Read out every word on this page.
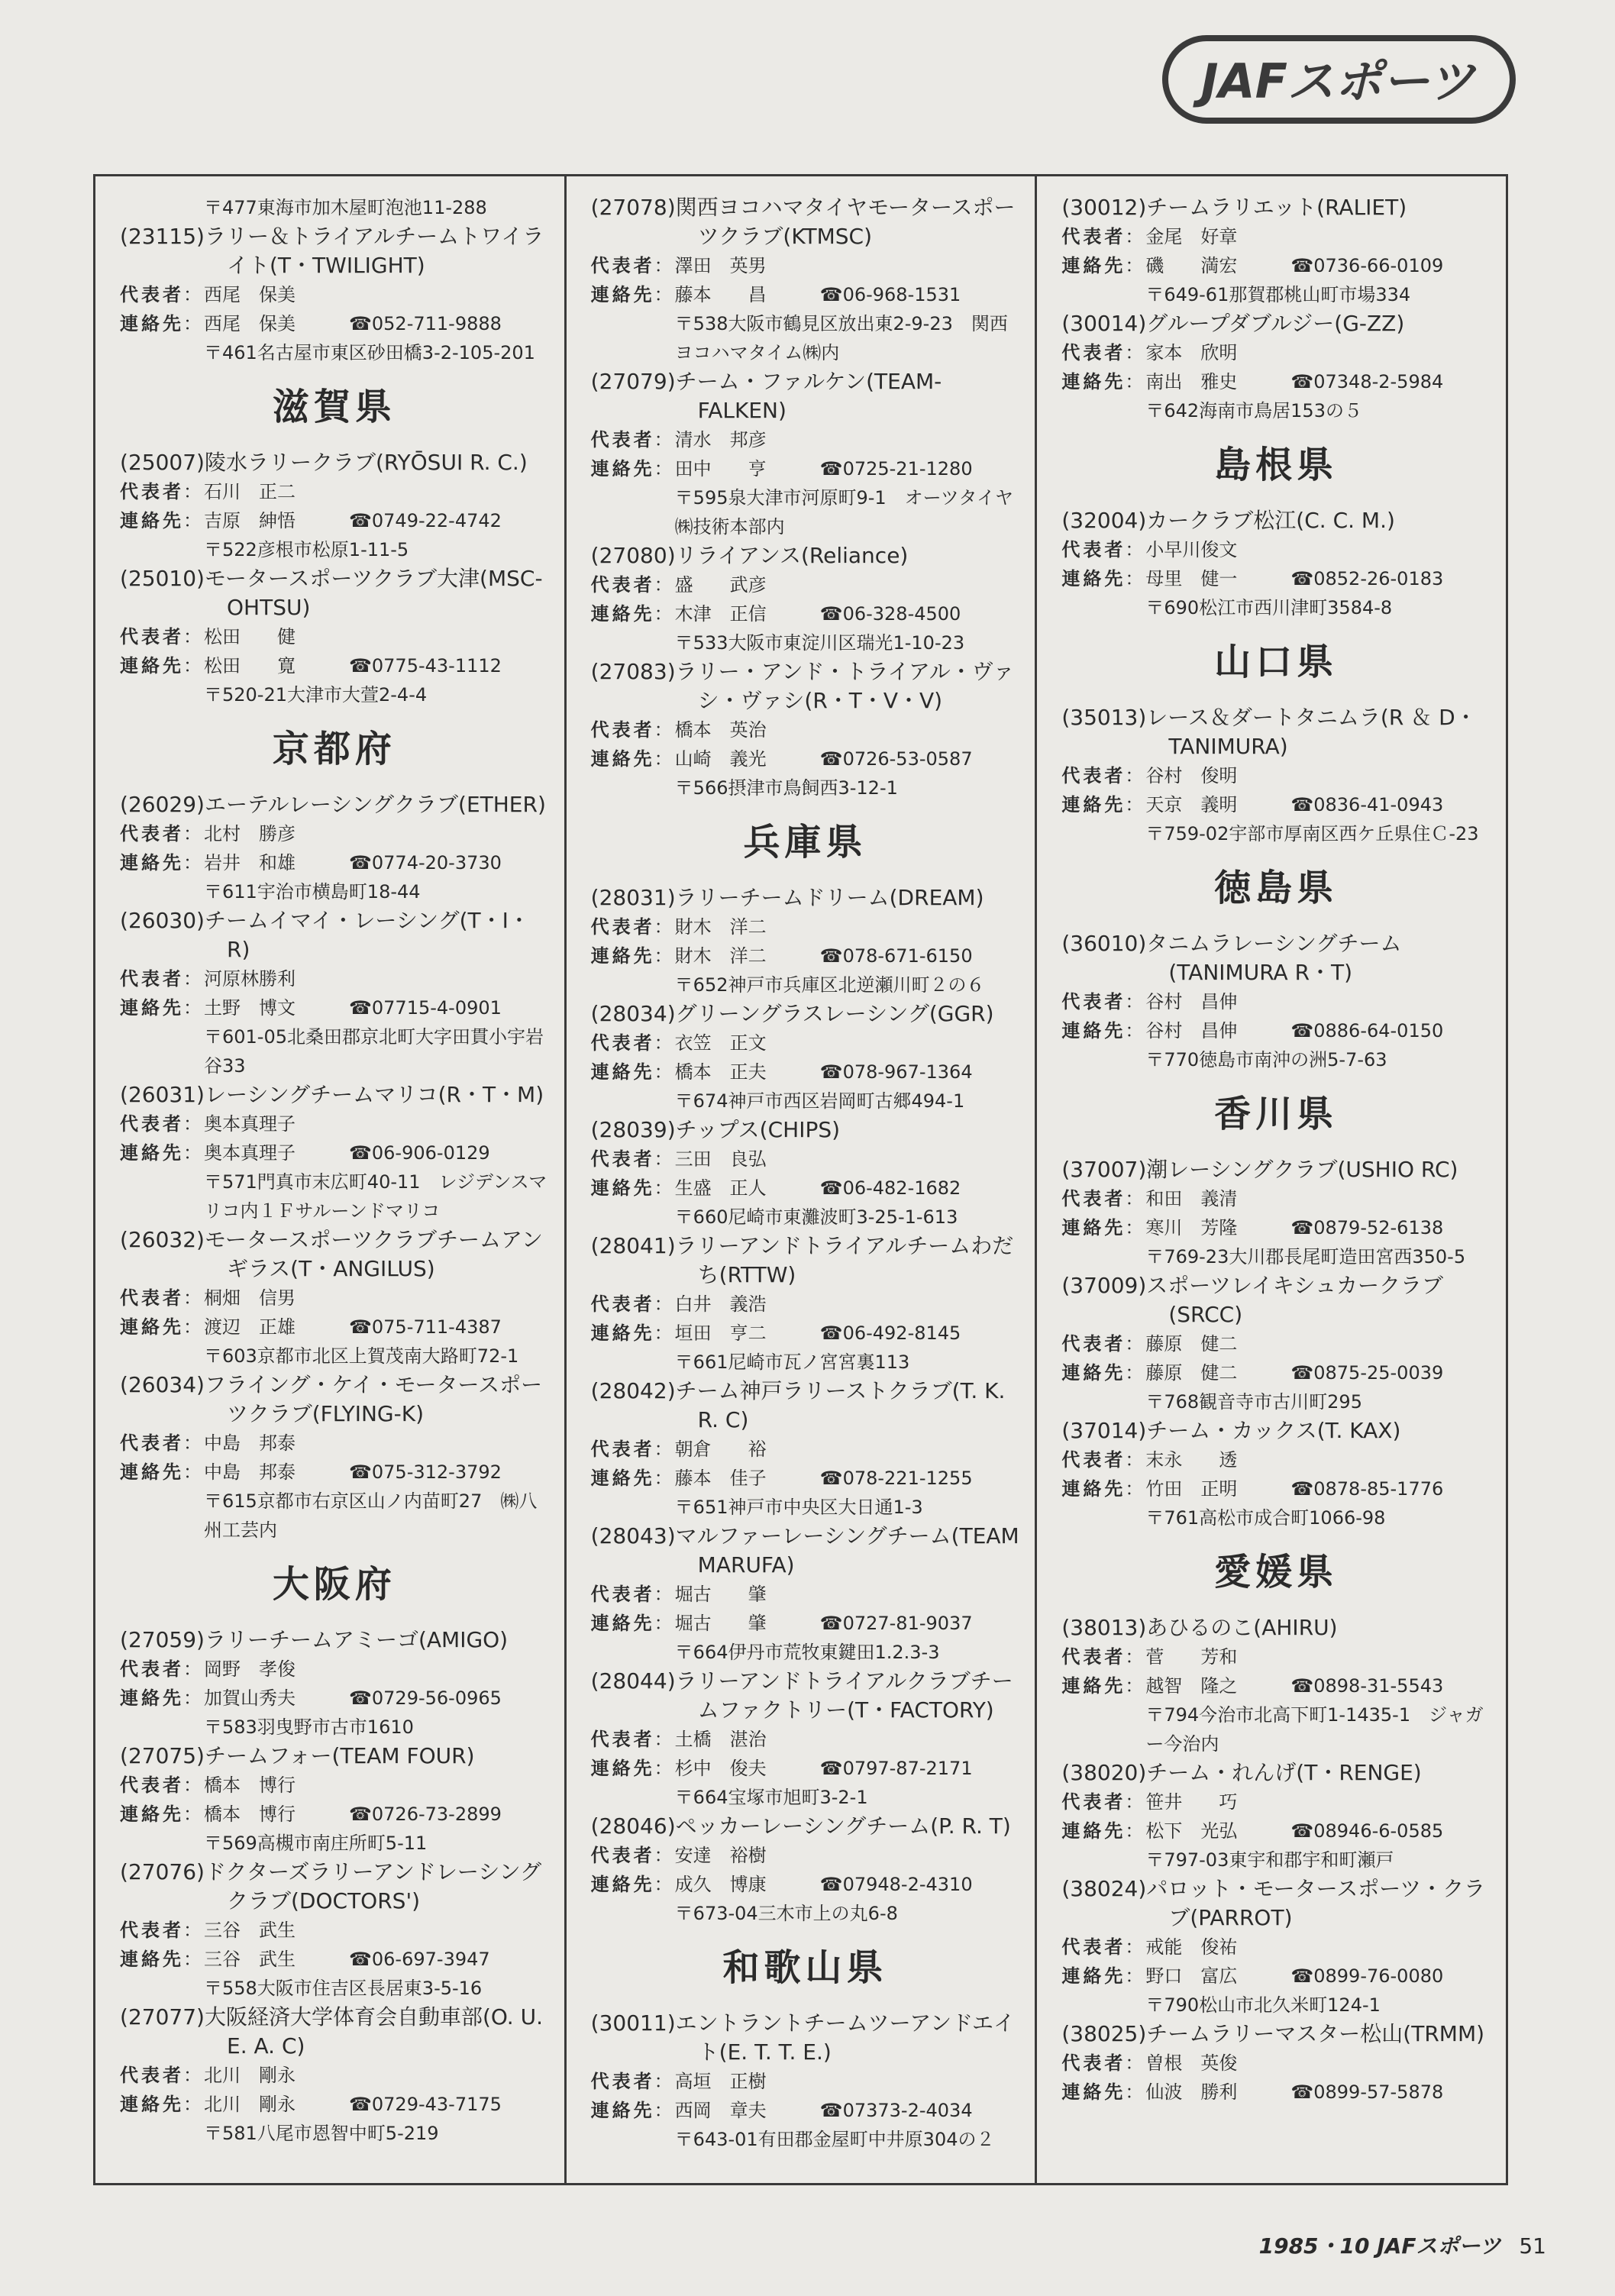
JAFスポーツ
〒477東海市加木屋町泡池11-288
(23115)ラリー＆トライアルチームトワイライト(T・TWILIGHT)
代表者 ： 西尾　保美
連絡先 ： 西尾　保美	☎052-711-9888
〒461名古屋市東区砂田橋3-2-105-201
滋賀県
(25007)陵水ラリークラブ(RYŌSUI R. C.)
代表者 ： 石川　正二
連絡先 ： 吉原　紳悟	☎0749-22-4742
〒522彦根市松原1-11-5
(25010)モータースポーツクラブ大津(MSC-OHTSU)
代表者 ： 松田　　健
連絡先 ： 松田　　寛	☎0775-43-1112
〒520-21大津市大萱2-4-4
京都府
(26029)エーテルレーシングクラブ(ETHER)
代表者 ： 北村　勝彦
連絡先 ： 岩井　和雄	☎0774-20-3730
〒611宇治市横島町18-44
(26030)チームイマイ・レーシング(T・I・R)
代表者 ： 河原林勝利
連絡先 ： 土野　博文	☎07715-4-0901
〒601-05北桑田郡京北町大字田貫小宇岩谷33
(26031)レーシングチームマリコ(R・T・M)
代表者 ： 奥本真理子
連絡先 ： 奥本真理子	☎06-906-0129
〒571門真市末広町40-11　レジデンスマリコ内１Ｆサルーンドマリコ
(26032)モータースポーツクラブチームアンギラス(T・ANGILUS)
代表者 ： 桐畑　信男
連絡先 ： 渡辺　正雄	☎075-711-4387
〒603京都市北区上賀茂南大路町72-1
(26034)フライング・ケイ・モータースポーツクラブ(FLYING-K)
代表者 ： 中島　邦泰
連絡先 ： 中島　邦泰	☎075-312-3792
〒615京都市右京区山ノ内苗町27　㈱八州工芸内
大阪府
(27059)ラリーチームアミーゴ(AMIGO)
代表者 ： 岡野　孝俊
連絡先 ： 加賀山秀夫	☎0729-56-0965
〒583羽曳野市古市1610
(27075)チームフォー(TEAM FOUR)
代表者 ： 橋本　博行
連絡先 ： 橋本　博行	☎0726-73-2899
〒569高槻市南庄所町5-11
(27076)ドクターズラリーアンドレーシングクラブ(DOCTORS')
代表者 ： 三谷　武生
連絡先 ： 三谷　武生	☎06-697-3947
〒558大阪市住吉区長居東3-5-16
(27077)大阪経済大学体育会自動車部(O. U. E. A. C)
代表者 ： 北川　剛永
連絡先 ： 北川　剛永	☎0729-43-7175
〒581八尾市恩智中町5-219
(27078)関西ヨコハマタイヤモータースポーツクラブ(KTMSC)
代表者 ： 澤田　英男
連絡先 ： 藤本　　昌	☎06-968-1531
〒538大阪市鶴見区放出東2-9-23　関西ヨコハマタイム㈱内
(27079)チーム・ファルケン(TEAM-FALKEN)
代表者 ： 清水　邦彦
連絡先 ： 田中　　亨	☎0725-21-1280
〒595泉大津市河原町9-1　オーツタイヤ㈱技術本部内
(27080)リライアンス(Reliance)
代表者 ： 盛　　武彦
連絡先 ： 木津　正信	☎06-328-4500
〒533大阪市東淀川区瑞光1-10-23
(27083)ラリー・アンド・トライアル・ヴァシ・ヴァシ(R・T・V・V)
代表者 ： 橋本　英治
連絡先 ： 山崎　義光	☎0726-53-0587
〒566摂津市鳥飼西3-12-1
兵庫県
(28031)ラリーチームドリーム(DREAM)
代表者 ： 財木　洋二
連絡先 ： 財木　洋二	☎078-671-6150
〒652神戸市兵庫区北逆瀬川町２の６
(28034)グリーングラスレーシング(GGR)
代表者 ： 衣笠　正文
連絡先 ： 橋本　正夫	☎078-967-1364
〒674神戸市西区岩岡町古郷494-1
(28039)チップス(CHIPS)
代表者 ： 三田　良弘
連絡先 ： 生盛　正人	☎06-482-1682
〒660尼崎市東灘波町3-25-1-613
(28041)ラリーアンドトライアルチームわだち(RTTW)
代表者 ： 白井　義浩
連絡先 ： 垣田　亨二	☎06-492-8145
〒661尼崎市瓦ノ宮宮裏113
(28042)チーム神戸ラリーストクラブ(T. K. R. C)
代表者 ： 朝倉　　裕
連絡先 ： 藤本　佳子	☎078-221-1255
〒651神戸市中央区大日通1-3
(28043)マルファーレーシングチーム(TEAM MARUFA)
代表者 ： 堀古　　肇
連絡先 ： 堀古　　肇	☎0727-81-9037
〒664伊丹市荒牧東鍵田1.2.3-3
(28044)ラリーアンドトライアルクラブチームファクトリー(T・FACTORY)
代表者 ： 土橋　湛治
連絡先 ： 杉中　俊夫	☎0797-87-2171
〒664宝塚市旭町3-2-1
(28046)ペッカーレーシングチーム(P. R. T)
代表者 ： 安達　裕樹
連絡先 ： 成久　博康	☎07948-2-4310
〒673-04三木市上の丸6-8
和歌山県
(30011)エントラントチームツーアンドエイト(E. T. T. E.)
代表者 ： 高垣　正樹
連絡先 ： 西岡　章夫	☎07373-2-4034
〒643-01有田郡金屋町中井原304の２
(30012)チームラリエット(RALIET)
代表者 ： 金尾　好章
連絡先 ： 磯　　満宏	☎0736-66-0109
〒649-61那賀郡桃山町市場334
(30014)グループダブルジー(G-ZZ)
代表者 ： 家本　欣明
連絡先 ： 南出　雅史	☎07348-2-5984
〒642海南市鳥居153の５
島根県
(32004)カークラブ松江(C. C. M.)
代表者 ： 小早川俊文
連絡先 ： 母里　健一	☎0852-26-0183
〒690松江市西川津町3584-8
山口県
(35013)レース＆ダートタニムラ(R ＆ D・TANIMURA)
代表者 ： 谷村　俊明
連絡先 ： 天京　義明	☎0836-41-0943
〒759-02宇部市厚南区西ケ丘県住Ｃ-23
徳島県
(36010)タニムラレーシングチーム(TANIMURA R・T)
代表者 ： 谷村　昌伸
連絡先 ： 谷村　昌伸	☎0886-64-0150
〒770徳島市南沖の洲5-7-63
香川県
(37007)潮レーシングクラブ(USHIO RC)
代表者 ： 和田　義清
連絡先 ： 寒川　芳隆	☎0879-52-6138
〒769-23大川郡長尾町造田宮西350-5
(37009)スポーツレイキシュカークラブ(SRCC)
代表者 ： 藤原　健二
連絡先 ： 藤原　健二	☎0875-25-0039
〒768観音寺市古川町295
(37014)チーム・カックス(T. KAX)
代表者 ： 末永　　透
連絡先 ： 竹田　正明	☎0878-85-1776
〒761高松市成合町1066-98
愛媛県
(38013)あひるのこ(AHIRU)
代表者 ： 菅　　芳和
連絡先 ： 越智　隆之	☎0898-31-5543
〒794今治市北高下町1-1435-1　ジャガー今治内
(38020)チーム・れんげ(T・RENGE)
代表者 ： 笹井　　巧
連絡先 ： 松下　光弘	☎08946-6-0585
〒797-03東宇和郡宇和町瀬戸
(38024)パロット・モータースポーツ・クラブ(PARROT)
代表者 ： 戒能　俊祐
連絡先 ： 野口　富広	☎0899-76-0080
〒790松山市北久米町124-1
(38025)チームラリーマスター松山(TRMM)
代表者 ： 曽根　英俊
連絡先 ： 仙波　勝利	☎0899-57-5878
1985・10 JAFスポーツ 51
